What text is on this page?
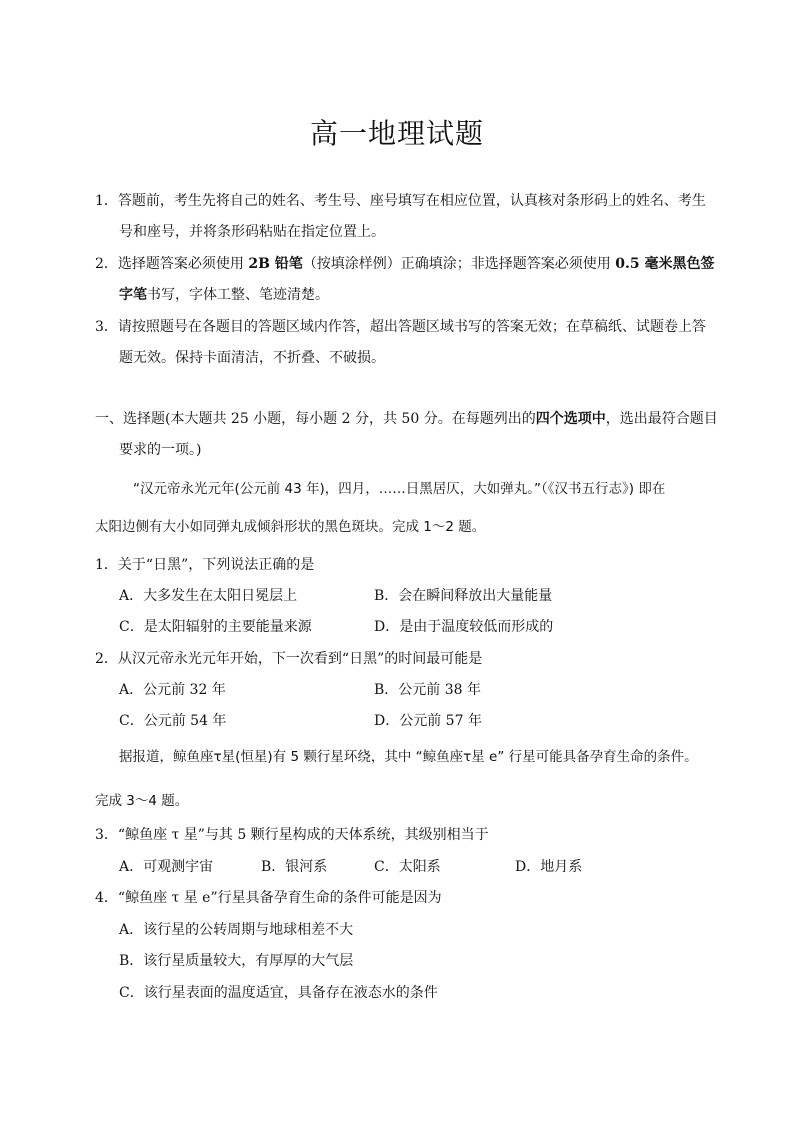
高一地理试题
1．答题前，考生先将自己的姓名、考生号、座号填写在相应位置，认真核对条形码上的姓名、考生
号和座号，并将条形码粘贴在指定位置上。
2．选择题答案必须使用 2B 铅笔（按填涂样例）正确填涂；非选择题答案必须使用 0.5 毫米黑色签
字笔书写，字体工整、笔迹清楚。
3．请按照题号在各题目的答题区域内作答，超出答题区域书写的答案无效；在草稿纸、试题卷上答
题无效。保持卡面清洁，不折叠、不破损。
一、选择题(本大题共 25 小题，每小题 2 分，共 50 分。在每题列出的四个选项中，选出最符合题目
要求的一项。)
“汉元帝永光元年(公元前 43 年)，四月，……日黑居仄，大如弹丸。”（《汉书五行志》) 即在
太阳边侧有大小如同弹丸成倾斜形状的黑色斑块。完成 1～2 题。
1．关于“日黑”，下列说法正确的是
A．大多发生在太阳日冕层上	B．会在瞬间释放出大量能量
C．是太阳辐射的主要能量来源	D．是由于温度较低而形成的
2．从汉元帝永光元年开始，下一次看到“日黑”的时间最可能是
A．公元前 32 年	B．公元前 38 年
C．公元前 54 年	D．公元前 57 年
据报道，鲸鱼座τ星(恒星)有 5 颗行星环绕，其中 “鲸鱼座τ星 e” 行星可能具备孕育生命的条件。
完成 3～4 题。
3．“鲸鱼座 τ 星”与其 5 颗行星构成的天体系统，其级别相当于
A．可观测宇宙	B．银河系	C．太阳系	D．地月系
4．“鲸鱼座 τ 星 e”行星具备孕育生命的条件可能是因为
A．该行星的公转周期与地球相差不大
B．该行星质量较大，有厚厚的大气层
C．该行星表面的温度适宜，具备存在液态水的条件
